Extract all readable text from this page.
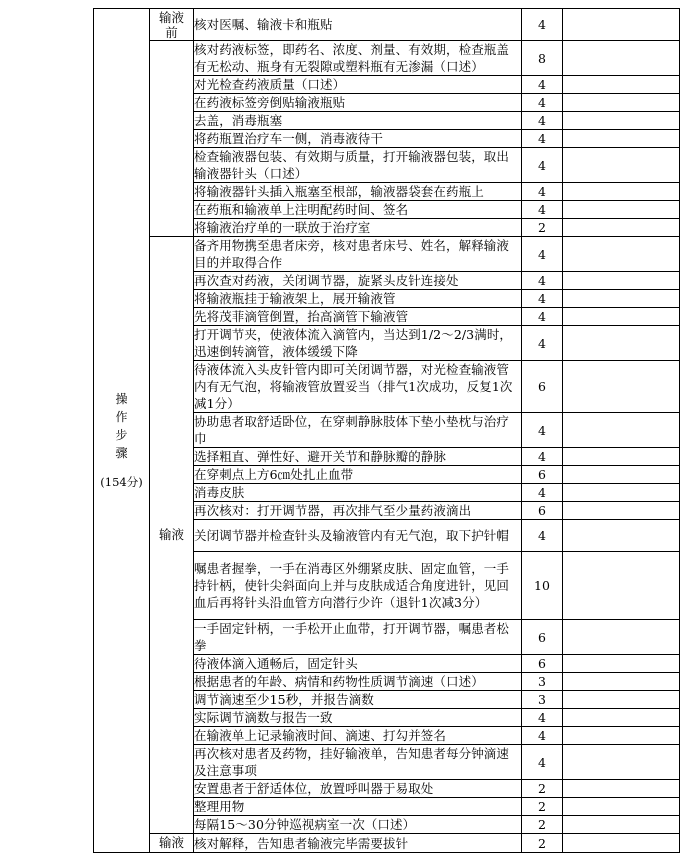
操
作
步
骤
(154分)	输液前	核对医嘱、输液卡和瓶贴	4	
		核对药液标签，即药名、浓度、剂量、有效期，检查瓶盖有无松动、瓶身有无裂隙或塑料瓶有无渗漏（口述）	8	
		对光检查药液质量（口述）	4	
		在药液标签旁倒贴输液瓶贴	4	
		去盖，消毒瓶塞	4	
		将药瓶置治疗车一侧，消毒液待干	4	
		检查输液器包装、有效期与质量，打开输液器包装，取出输液器针头（口述）	4	
		将输液器针头插入瓶塞至根部，输液器袋套在药瓶上	4	
		在药瓶和输液单上注明配药时间、签名	4	
		将输液治疗单的一联放于治疗室	2	
	输液	备齐用物携至患者床旁，核对患者床号、姓名，解释输液目的并取得合作	4	
		再次查对药液，关闭调节器，旋紧头皮针连接处	4	
		将输液瓶挂于输液架上，展开输液管	4	
		先将茂菲滴管倒置，抬高滴管下输液管	4	
		打开调节夹，使液体流入滴管内，当达到1/2～2/3满时，迅速倒转滴管，液体缓缓下降	4	
		待液体流入头皮针管内即可关闭调节器，对光检查输液管内有无气泡，将输液管放置妥当（排气1次成功，反复1次减1分）	6	
		协助患者取舒适卧位，在穿刺静脉肢体下垫小垫枕与治疗巾	4	
		选择粗直、弹性好、避开关节和静脉瓣的静脉	4	
		在穿刺点上方6㎝处扎止血带	6	
		消毒皮肤	4	
		再次核对：打开调节器，再次排气至少量药液滴出	6	
		关闭调节器并检查针头及输液管内有无气泡，取下护针帽	4	
		嘱患者握拳，一手在消毒区外绷紧皮肤、固定血管，一手持针柄，使针尖斜面向上并与皮肤成适合角度进针，见回血后再将针头沿血管方向潜行少许（退针1次减3分）	10	
		一手固定针柄，一手松开止血带，打开调节器，嘱患者松拳	6	
		待液体滴入通畅后，固定针头	6	
		根据患者的年龄、病情和药物性质调节滴速（口述）	3	
		调节滴速至少15秒，并报告滴数	3	
		实际调节滴数与报告一致	4	
		在输液单上记录输液时间、滴速、打勾并签名	4	
		再次核对患者及药物，挂好输液单，告知患者每分钟滴速及注意事项	4	
		安置患者于舒适体位，放置呼叫器于易取处	2	
		整理用物	2	
		每隔15～30分钟巡视病室一次（口述）	2	
	输液	核对解释，告知患者输液完毕需要拔针	2	
